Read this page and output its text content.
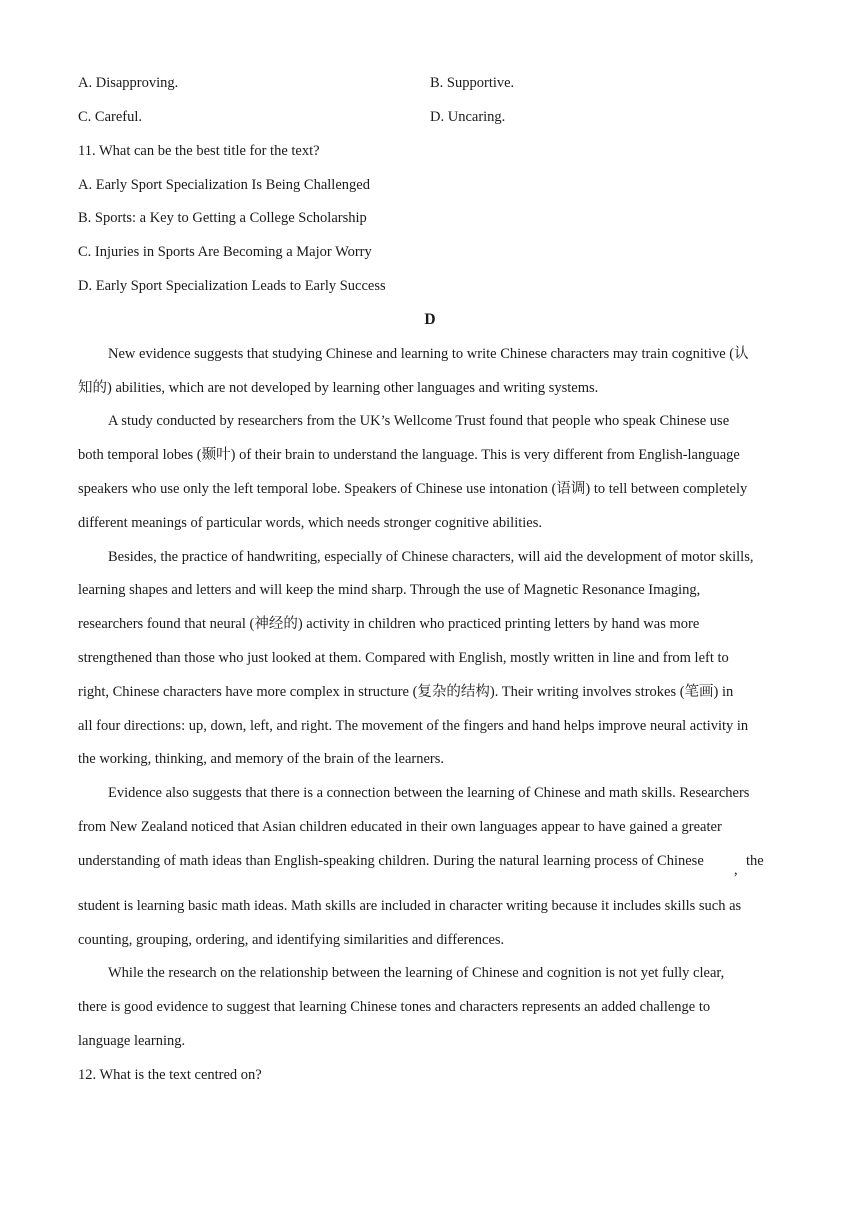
A. Disapproving.	B. Supportive.
C. Careful.	D. Uncaring.
11. What can be the best title for the text?
A. Early Sport Specialization Is Being Challenged
B. Sports: a Key to Getting a College Scholarship
C. Injuries in Sports Are Becoming a Major Worry
D. Early Sport Specialization Leads to Early Success
D
New evidence suggests that studying Chinese and learning to write Chinese characters may train cognitive (认
知的) abilities, which are not developed by learning other languages and writing systems.
A study conducted by researchers from the UK’s Wellcome Trust found that people who speak Chinese use
both temporal lobes (颞叶) of their brain to understand the language. This is very different from English-language
speakers who use only the left temporal lobe. Speakers of Chinese use intonation (语调) to tell between completely
different meanings of particular words, which needs stronger cognitive abilities.
Besides, the practice of handwriting, especially of Chinese characters, will aid the development of motor skills,
learning shapes and letters and will keep the mind sharp. Through the use of Magnetic Resonance Imaging,
researchers found that neural (神经的) activity in children who practiced printing letters by hand was more
strengthened than those who just looked at them. Compared with English, mostly written in line and from left to
right, Chinese characters have more complex in structure (复杂的结构). Their writing involves strokes (笔画) in
all four directions: up, down, left, and right. The movement of the fingers and hand helps improve neural activity in
the working, thinking, and memory of the brain of the learners.
Evidence also suggests that there is a connection between the learning of Chinese and math skills. Researchers
from New Zealand noticed that Asian children educated in their own languages appear to have gained a greater
understanding of math ideas than English-speaking children. During the natural learning process of Chinese
,
the
student is learning basic math ideas. Math skills are included in character writing because it includes skills such as
counting, grouping, ordering, and identifying similarities and differences.
While the research on the relationship between the learning of Chinese and cognition is not yet fully clear,
there is good evidence to suggest that learning Chinese tones and characters represents an added challenge to
language learning.
12. What is the text centred on?
